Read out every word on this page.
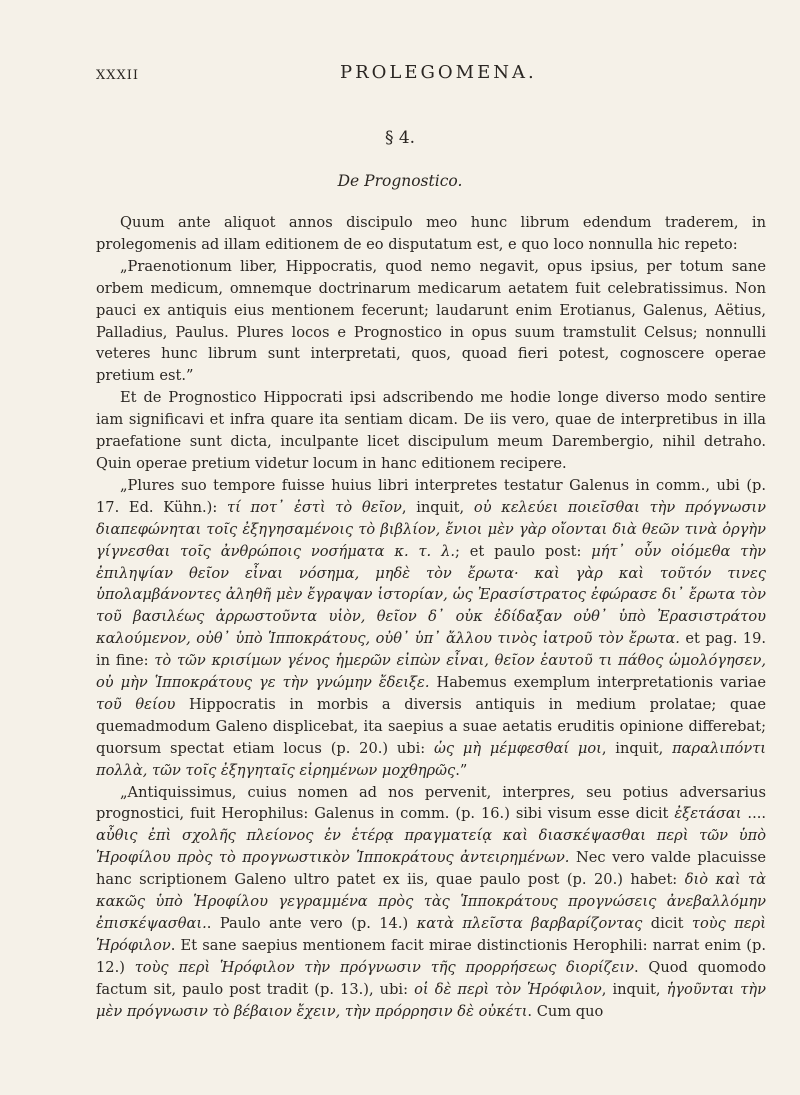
XXXII	PROLEGOMENA.
§ 4.
De Prognostico.

Quum ante aliquot annos discipulo meo hunc librum edendum traderem, in prolegomenis ad illam editionem de eo disputatum est, e quo loco nonnulla hic repeto:

„Praenotionum liber, Hippocratis, quod nemo negavit, opus ipsius, per totum sane orbem medicum, omnemque doctrinarum medicarum aetatem fuit celebratissimus. Non pauci ex antiquis eius mentionem fecerunt; laudarunt enim Erotianus, Galenus, Aëtius, Palladius, Paulus. Plures locos e Prognostico in opus suum tramstulit Celsus; nonnulli veteres hunc librum sunt interpretati, quos, quoad fieri potest, cognoscere operae pretium est.”

Et de Prognostico Hippocrati ipsi adscribendo me hodie longe diverso modo sentire iam significavi et infra quare ita sentiam dicam. De iis vero, quae de interpretibus in illa praefatione sunt dicta, inculpante licet discipulum meum Darembergio, nihil detraho. Quin operae pretium videtur locum in hanc editionem recipere.

„Plures suo tempore fuisse huius libri interpretes testatur Galenus in comm., ubi (p. 17. Ed. Kühn.): τί ποτ᾽ ἐστὶ τὸ θεῖον, inquit, οὐ κελεύει ποιεῖσθαι τὴν πρόγνωσιν διαπεφώνηται τοῖς ἐξηγησαμένοις τὸ βιβλίον, ἔνιοι μὲν γὰρ οἴονται διὰ θεῶν τινὰ ὀργὴν γίγνεσθαι τοῖς ἀνθρώποις νοσήματα κ. τ. λ.; et paulo post: μήτ᾽ οὖν οἰόμεθα τὴν ἐπιληψίαν θεῖον εἶναι νόσημα, μηδὲ τὸν ἔρωτα· καὶ γὰρ καὶ τοῦτόν τινες ὑπολαμβάνοντες ἀληθῆ μὲν ἔγραψαν ἱστορίαν, ὡς Ἐρασίστρατος ἐφώρασε δι᾽ ἔρωτα τὸν τοῦ βασιλέως ἀρρωστοῦντα υἱὸν, θεῖον δ᾽ οὐκ ἐδίδαξαν οὐθ᾽ ὑπὸ Ἐρασιστράτου καλούμενον, οὐθ᾽ ὑπὸ Ἱπποκράτους, οὐθ᾽ ὑπ᾽ ἄλλου τινὸς ἰατροῦ τὸν ἔρωτα. et pag. 19. in fine: τὸ τῶν κρισίμων γένος ἡμερῶν εἰπὼν εἶναι, θεῖον ἑαυτοῦ τι πάθος ὡμολόγησεν, οὐ μὴν Ἱπποκράτους γε τὴν γνώμην ἔδειξε. Habemus exemplum interpretationis variae τοῦ θείου Hippocratis in morbis a diversis antiquis in medium prolatae; quae quemadmodum Galeno displicebat, ita saepius a suae aetatis eruditis opinione differebat; quorsum spectat etiam locus (p. 20.) ubi: ὡς μὴ μέμφεσθαί μοι, inquit, παραλιπόντι πολλὰ, τῶν τοῖς ἐξηγηταῖς εἰρημένων μοχθηρῶς.”

„Antiquissimus, cuius nomen ad nos pervenit, interpres, seu potius adversarius prognostici, fuit Herophilus: Galenus in comm. (p. 16.) sibi visum esse dicit ἐξετάσαι .... αὖθις ἐπὶ σχολῆς πλείονος ἐν ἑτέρᾳ πραγματείᾳ καὶ διασκέψασθαι περὶ τῶν ὑπὸ Ἡροφίλου πρὸς τὸ προγνωστικὸν Ἱπποκράτους ἀντειρημένων. Nec vero valde placuisse hanc scriptionem Galeno ultro patet ex iis, quae paulo post (p. 20.) habet: διὸ καὶ τὰ κακῶς ὑπὸ Ἡροφίλου γεγραμμένα πρὸς τὰς Ἱπποκράτους προγνώσεις ἀνεβαλλόμην ἐπισκέψασθαι.. Paulo ante vero (p. 14.) κατὰ πλεῖστα βαρβαρίζοντας dicit τοὺς περὶ Ἡρόφιλον. Et sane saepius mentionem facit mirae distinctionis Herophili: narrat enim (p. 12.) τοὺς περὶ Ἡρόφιλον τὴν πρόγνωσιν τῆς προρρήσεως διορίζειν. Quod quomodo factum sit, paulo post tradit (p. 13.), ubi: οἱ δὲ περὶ τὸν Ἡρόφιλον, inquit, ἡγοῦνται τὴν μὲν πρόγνωσιν τὸ βέβαιον ἔχειν, τὴν πρόρρησιν δὲ οὐκέτι. Cum quo
